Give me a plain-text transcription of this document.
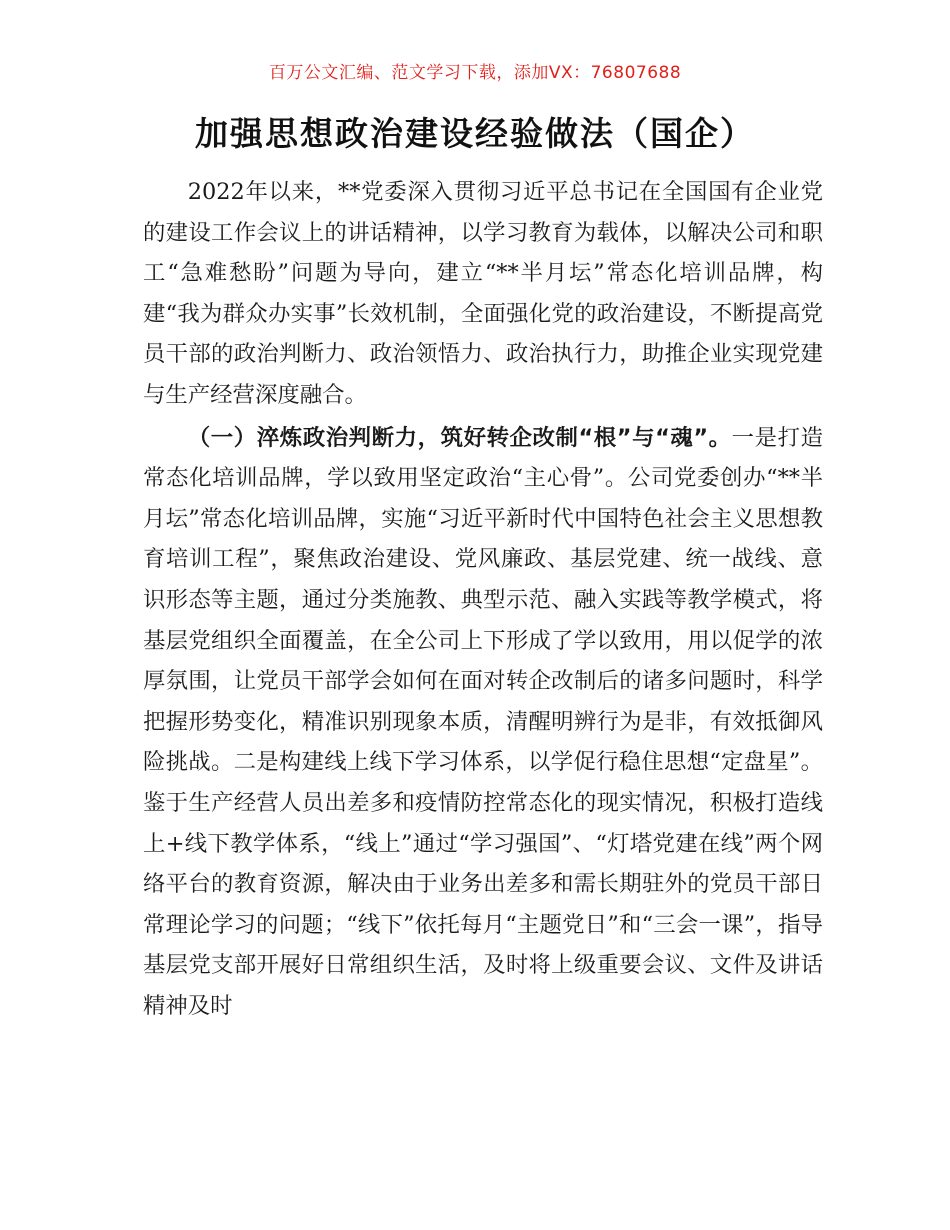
百万公文汇编、范文学习下载，添加VX：76807688
加强思想政治建设经验做法（国企）

2022年以来，**党委深入贯彻习近平总书记在全国国有企业党的建设工作会议上的讲话精神，以学习教育为载体，以解决公司和职工“急难愁盼”问题为导向，建立“**半月坛”常态化培训品牌，构建“我为群众办实事”长效机制，全面强化党的政治建设，不断提高党员干部的政治判断力、政治领悟力、政治执行力，助推企业实现党建与生产经营深度融合。

（一）淬炼政治判断力，筑好转企改制“根”与“魂”。一是打造常态化培训品牌，学以致用坚定政治“主心骨”。公司党委创办“**半月坛”常态化培训品牌，实施“习近平新时代中国特色社会主义思想教育培训工程”，聚焦政治建设、党风廉政、基层党建、统一战线、意识形态等主题，通过分类施教、典型示范、融入实践等教学模式，将基层党组织全面覆盖，在全公司上下形成了学以致用，用以促学的浓厚氛围，让党员干部学会如何在面对转企改制后的诸多问题时，科学把握形势变化，精准识别现象本质，清醒明辨行为是非，有效抵御风险挑战。二是构建线上线下学习体系，以学促行稳住思想“定盘星”。鉴于生产经营人员出差多和疫情防控常态化的现实情况，积极打造线上+线下教学体系，“线上”通过“学习强国”、“灯塔党建在线”两个网络平台的教育资源，解决由于业务出差多和需长期驻外的党员干部日常理论学习的问题；“线下”依托每月“主题党日”和“三会一课”，指导基层党支部开展好日常组织生活，及时将上级重要会议、文件及讲话精神及时
